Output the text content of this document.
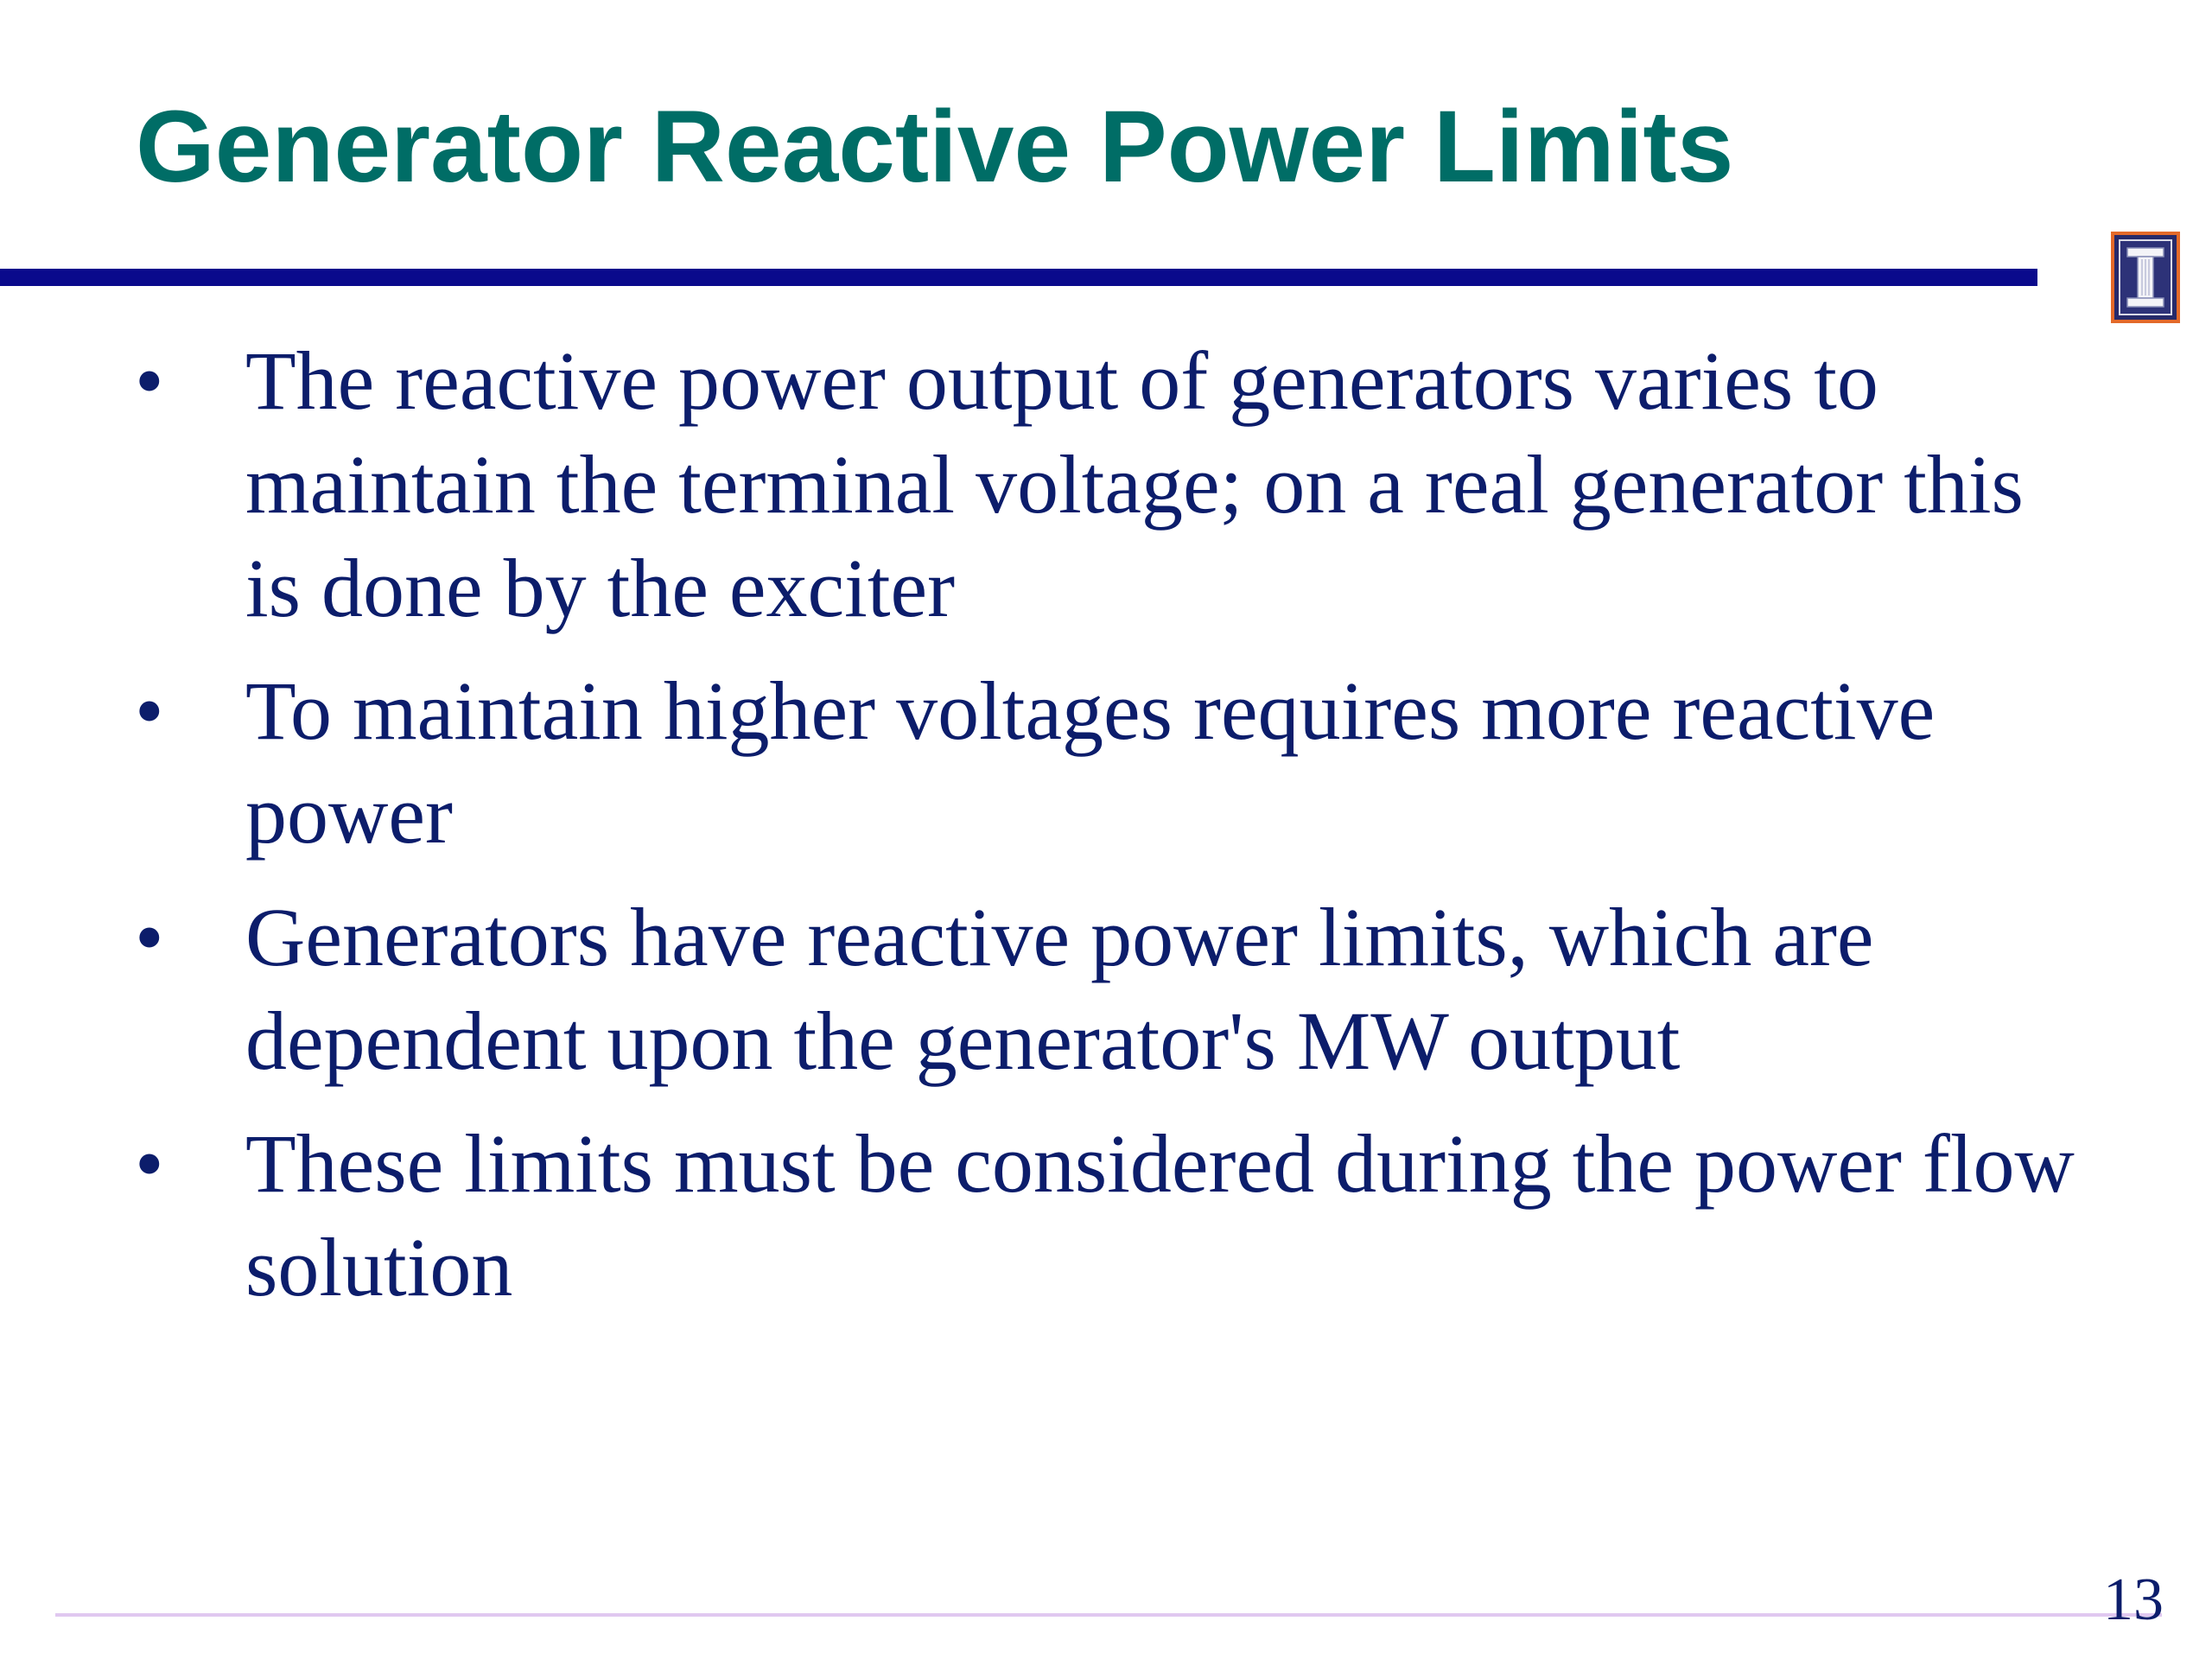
Generator Reactive Power Limits
• The reactive power output of generators varies to maintain the terminal voltage; on a real generator this is done by the exciter
• To maintain higher voltages requires more reactive power
• Generators have reactive power limits, which are dependent upon the generator's MW output
• These limits must be considered during the power flow solution
13
